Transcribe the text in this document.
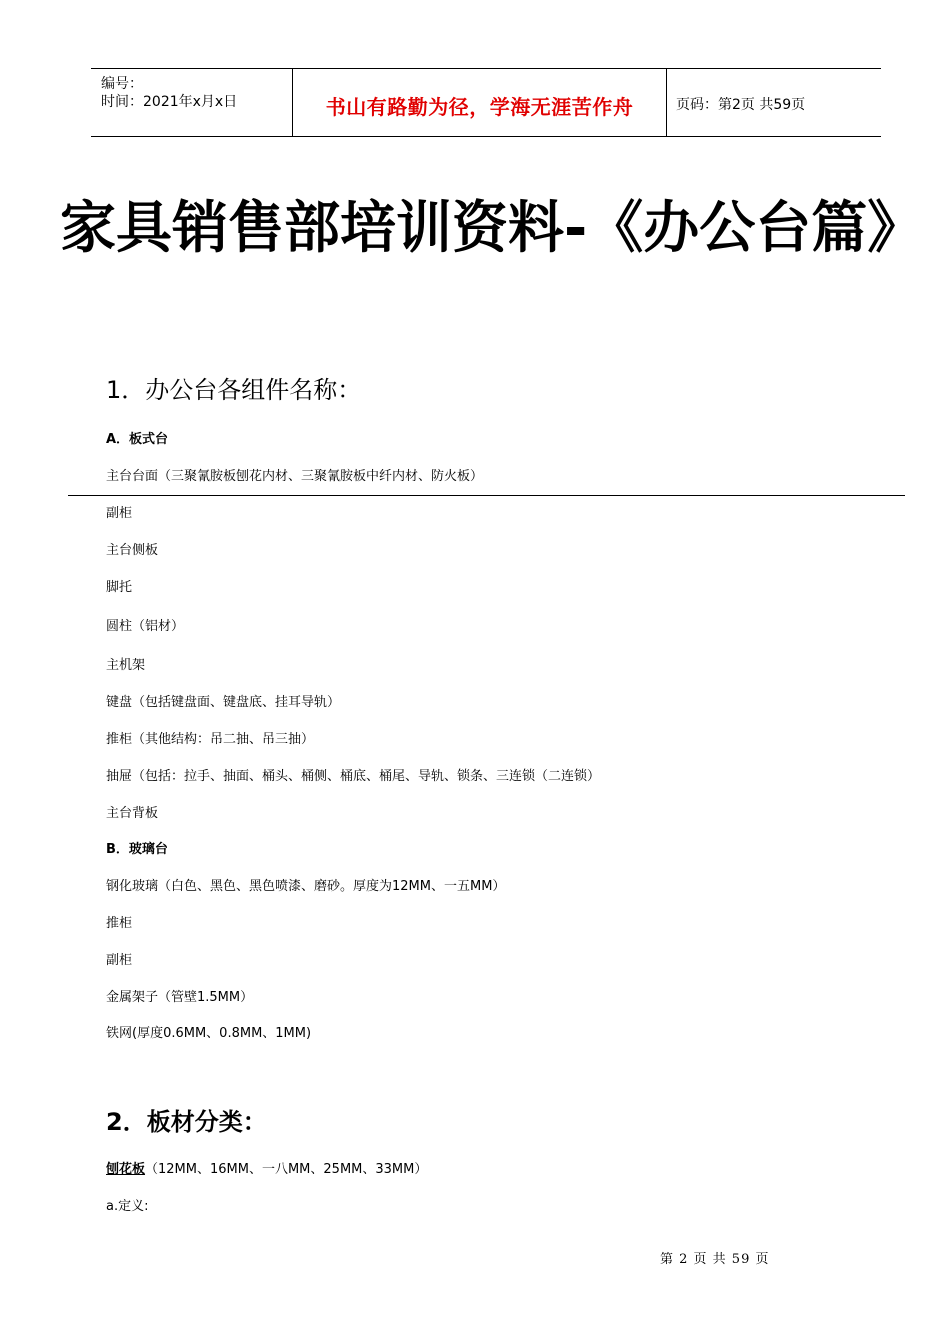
编号：
时间：2021年x月x日	书山有路勤为径，学海无涯苦作舟	页码：第2页 共59页
家具销售部培训资料-《办公台篇》
1．办公台各组件名称：
A．板式台
主台台面（三聚氰胺板刨花内材、三聚氰胺板中纤内材、防火板）
副柜
主台侧板
脚托
圆柱（铝材）
主机架
键盘（包括键盘面、键盘底、挂耳导轨）
推柜（其他结构：吊二抽、吊三抽）
抽屉（包括：拉手、抽面、桶头、桶侧、桶底、桶尾、导轨、锁条、三连锁（二连锁）
主台背板
B．玻璃台
钢化玻璃（白色、黑色、黑色喷漆、磨砂。厚度为12MM、一五MM）
推柜
副柜
金属架子（管壁1.5MM）
铁网(厚度0.6MM、0.8MM、1MM)
2．板材分类：
刨花板（12MM、16MM、一八MM、25MM、33MM）
a.定义:
第 2 页 共 59 页
